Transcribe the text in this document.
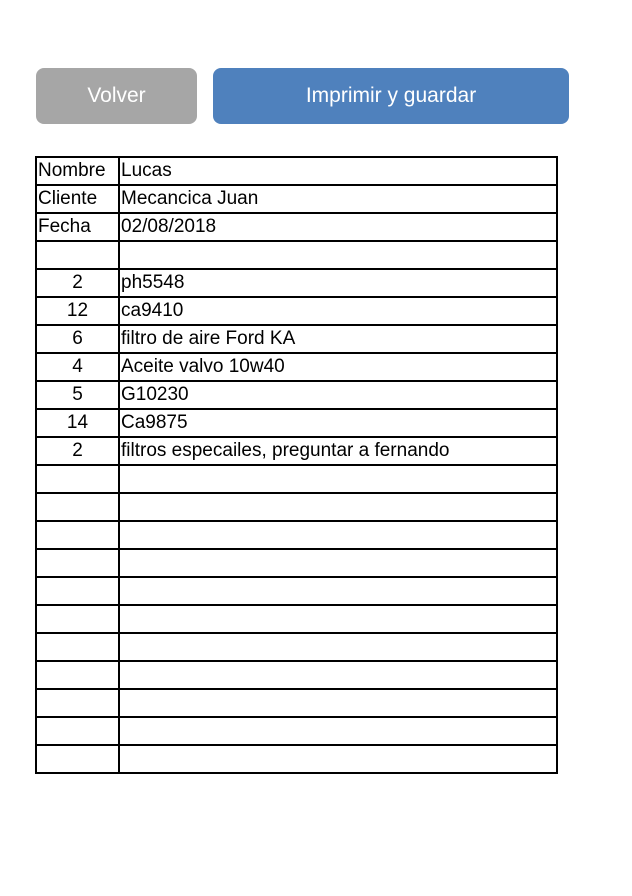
Volver	Imprimir y guardar
Nombre	Lucas
Cliente	Mecancica Juan
Fecha	02/08/2018

2	ph5548
12	ca9410
6	filtro de aire Ford KA
4	Aceite valvo 10w40
5	G10230
14	Ca9875
2	filtros especailes, preguntar a fernando
